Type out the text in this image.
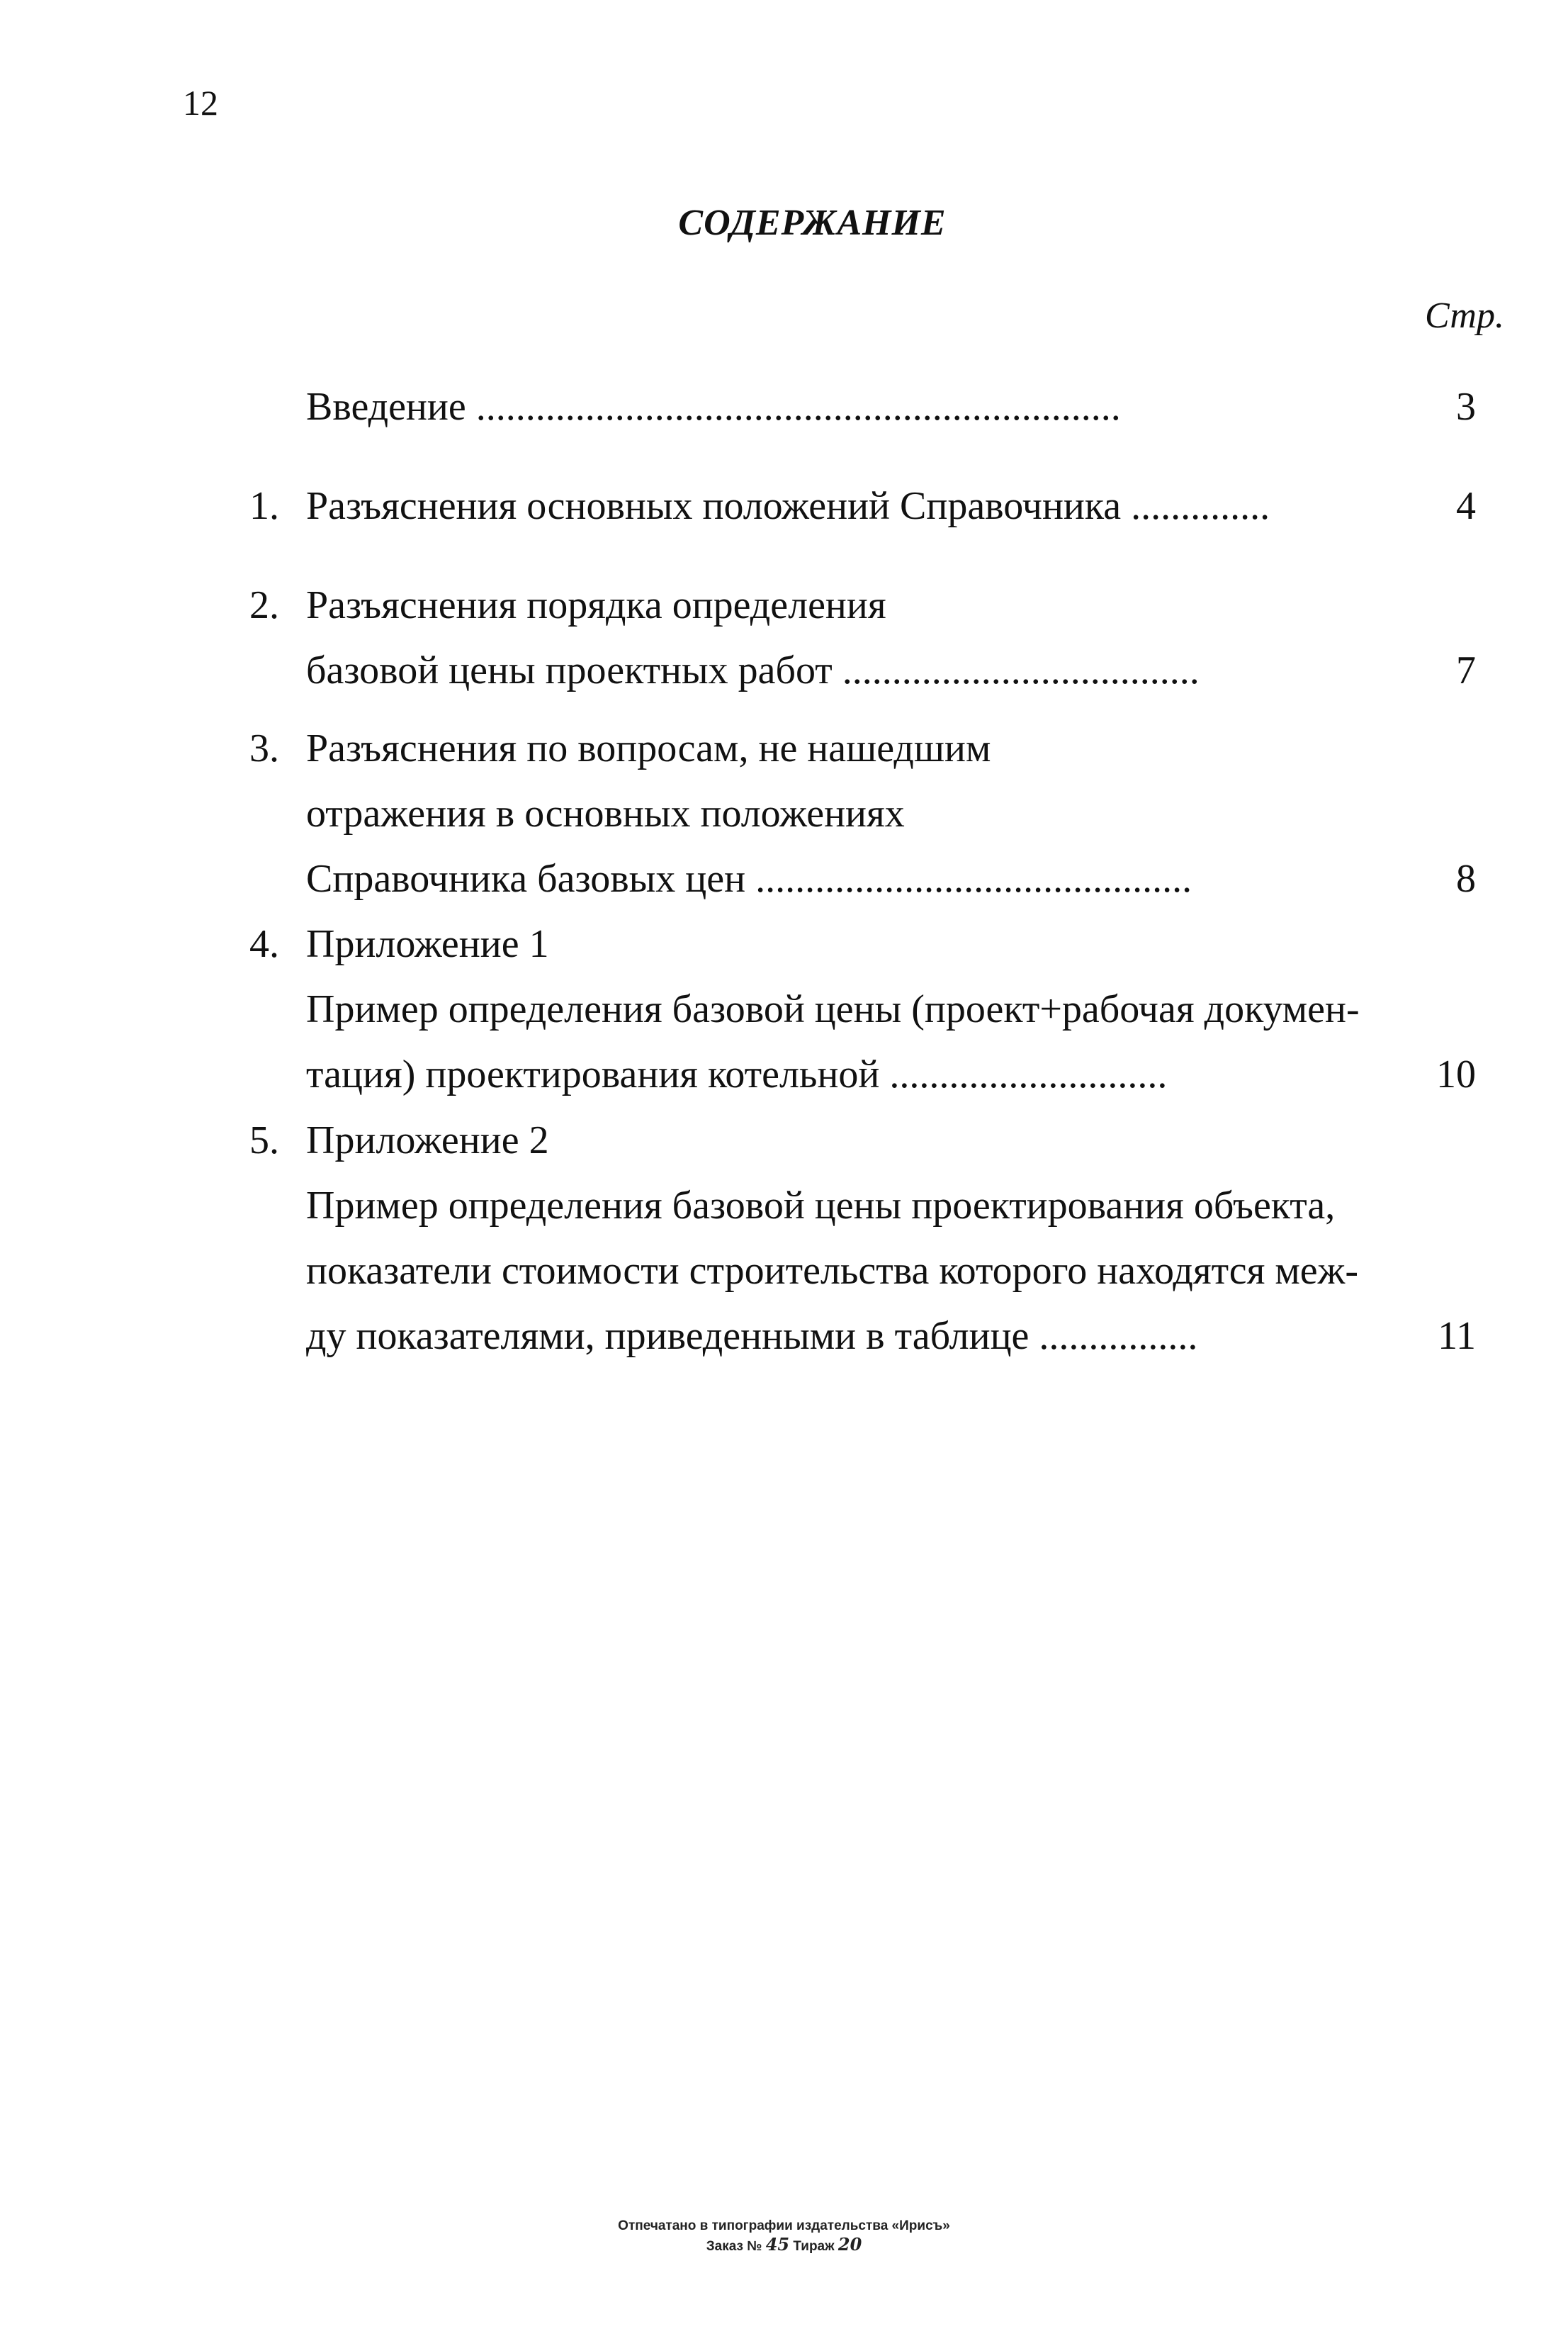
12
СОДЕРЖАНИЕ
Стр.
Введение .................................................................	3
1. Разъяснения основных положений Справочника ..............	4
2. Разъяснения порядка определения
базовой цены проектных работ ....................................	7
3. Разъяснения по вопросам, не нашедшим
отражения в основных положениях
Справочника базовых цен ............................................	8
4. Приложение 1
Пример определения базовой цены (проект+рабочая докумен-
тация) проектирования котельной ............................	10
5. Приложение 2
Пример определения базовой цены проектирования объекта,
показатели стоимости строительства которого находятся меж-
ду показателями, приведенными в таблице ................	11
Отпечатано в типографии издательства «Ирисъ»
Заказ № 45 Тираж 20
